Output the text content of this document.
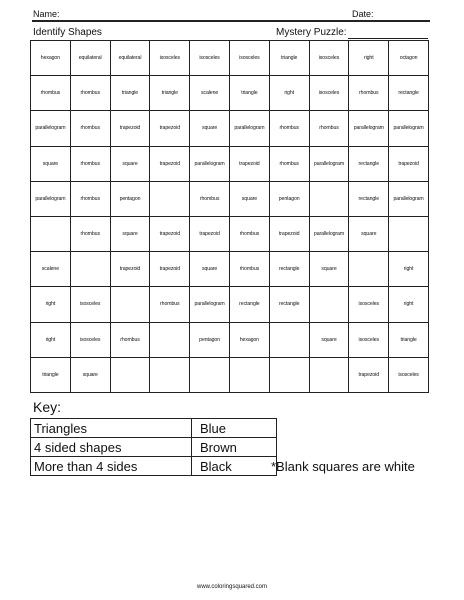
Name:	Date:
Identify Shapes	Mystery Puzzle:
hexagon	equilateral	equilateral	isosceles	isosceles	isosceles	triangle	isosceles	right	octagon
rhombus	rhombus	triangle	triangle	scalene	triangle	right	isosceles	rhombus	rectangle
parallelogram	rhombus	trapezoid	trapezoid	square	parallelogram	rhombus	rhombus	parallelogram	parallelogram
square	rhombus	square	trapezoid	parallelogram	trapezoid	rhombus	parallelogram	rectangle	trapezoid
parallelogram	rhombus	pentagon		rhombus	square	pentagon		rectangle	parallelogram
	rhombus	square	trapezoid	trapezoid	rhombus	trapezoid	parallelogram	square	
scalene		trapezoid	trapezoid	square	rhombus	rectangle	square		right
right	isosceles		rhombus	parallelogram	rectangle	rectangle		isosceles	right
right	isosceles	rhombus		pentagon	hexagon		square	isosceles	triangle
triangle	square							trapezoid	isosceles
Key:
Triangles	Blue
4 sided shapes	Brown
More than 4 sides	Black	*Blank squares are white
www.coloringsquared.com
